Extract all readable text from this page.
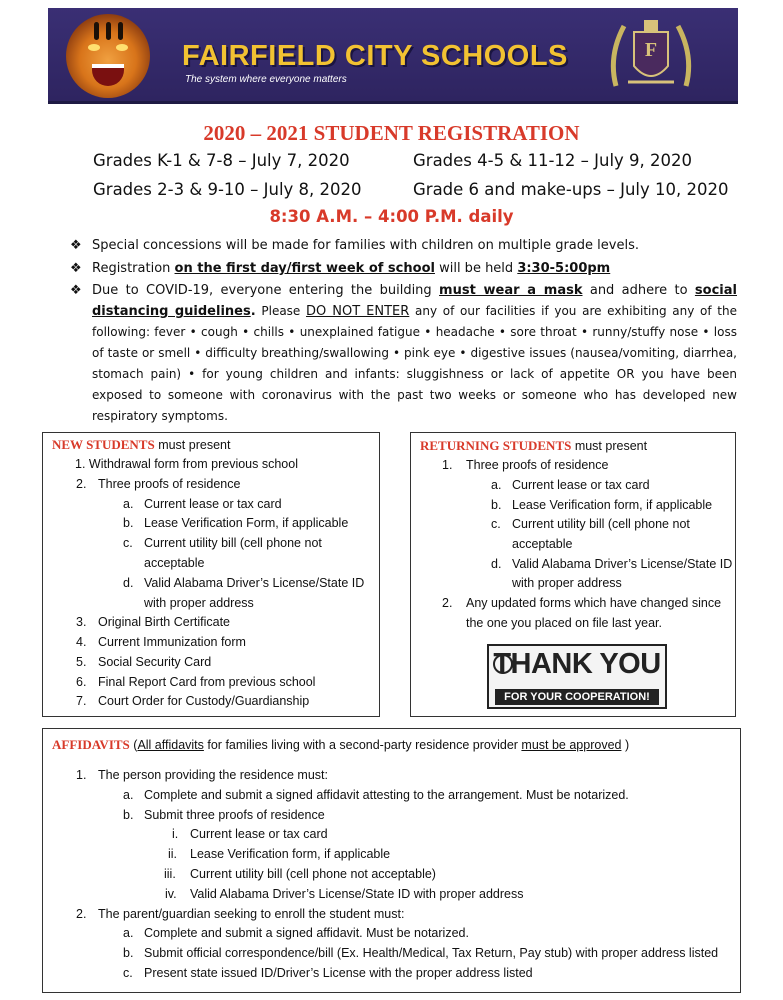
FAIRFIELD CITY SCHOOLS
The system where everyone matters
F
2020 – 2021 STUDENT REGISTRATION
Grades K-1 & 7-8 – July 7, 2020	Grades 4-5 & 11-12 – July 9, 2020
Grades 2-3 & 9-10 – July 8, 2020	Grade 6 and make-ups – July 10, 2020
8:30 A.M. – 4:00 P.M. daily
❖ Special concessions will be made for families with children on multiple grade levels.
❖ Registration on the first day/first week of school will be held 3:30-5:00pm
❖ Due to COVID-19, everyone entering the building must wear a mask and adhere to social distancing guidelines. Please DO NOT ENTER any of our facilities if you are exhibiting any of the following: fever • cough • chills • unexplained fatigue • headache • sore throat • runny/stuffy nose • loss of taste or smell • difficulty breathing/swallowing • pink eye • digestive issues (nausea/vomiting, diarrhea, stomach pain) • for young children and infants: sluggishness or lack of appetite OR you have been exposed to someone with coronavirus with the past two weeks or someone who has developed new respiratory symptoms.
NEW STUDENTS must present
1. Withdrawal form from previous school
2. Three proofs of residence
a. Current lease or tax card
b. Lease Verification Form, if applicable
c. Current utility bill (cell phone not
acceptable
d. Valid Alabama Driver’s License/State ID
with proper address
3. Original Birth Certificate
4. Current Immunization form
5. Social Security Card
6. Final Report Card from previous school
7. Court Order for Custody/Guardianship
RETURNING STUDENTS must present
1. Three proofs of residence
a. Current lease or tax card
b. Lease Verification form, if applicable
c. Current utility bill (cell phone not
acceptable
d. Valid Alabama Driver’s License/State ID
with proper address
2. Any updated forms which have changed since
the one you placed on file last year.
THANK YOU
FOR YOUR COOPERATION!
AFFIDAVITS (All affidavits for families living with a second-party residence provider must be approved )
1. The person providing the residence must:
a. Complete and submit a signed affidavit attesting to the arrangement. Must be notarized.
b. Submit three proofs of residence
i. Current lease or tax card
ii. Lease Verification form, if applicable
iii. Current utility bill (cell phone not acceptable)
iv. Valid Alabama Driver’s License/State ID with proper address
2. The parent/guardian seeking to enroll the student must:
a. Complete and submit a signed affidavit. Must be notarized.
b. Submit official correspondence/bill (Ex. Health/Medical, Tax Return, Pay stub) with proper address listed
c. Present state issued ID/Driver’s License with the proper address listed
